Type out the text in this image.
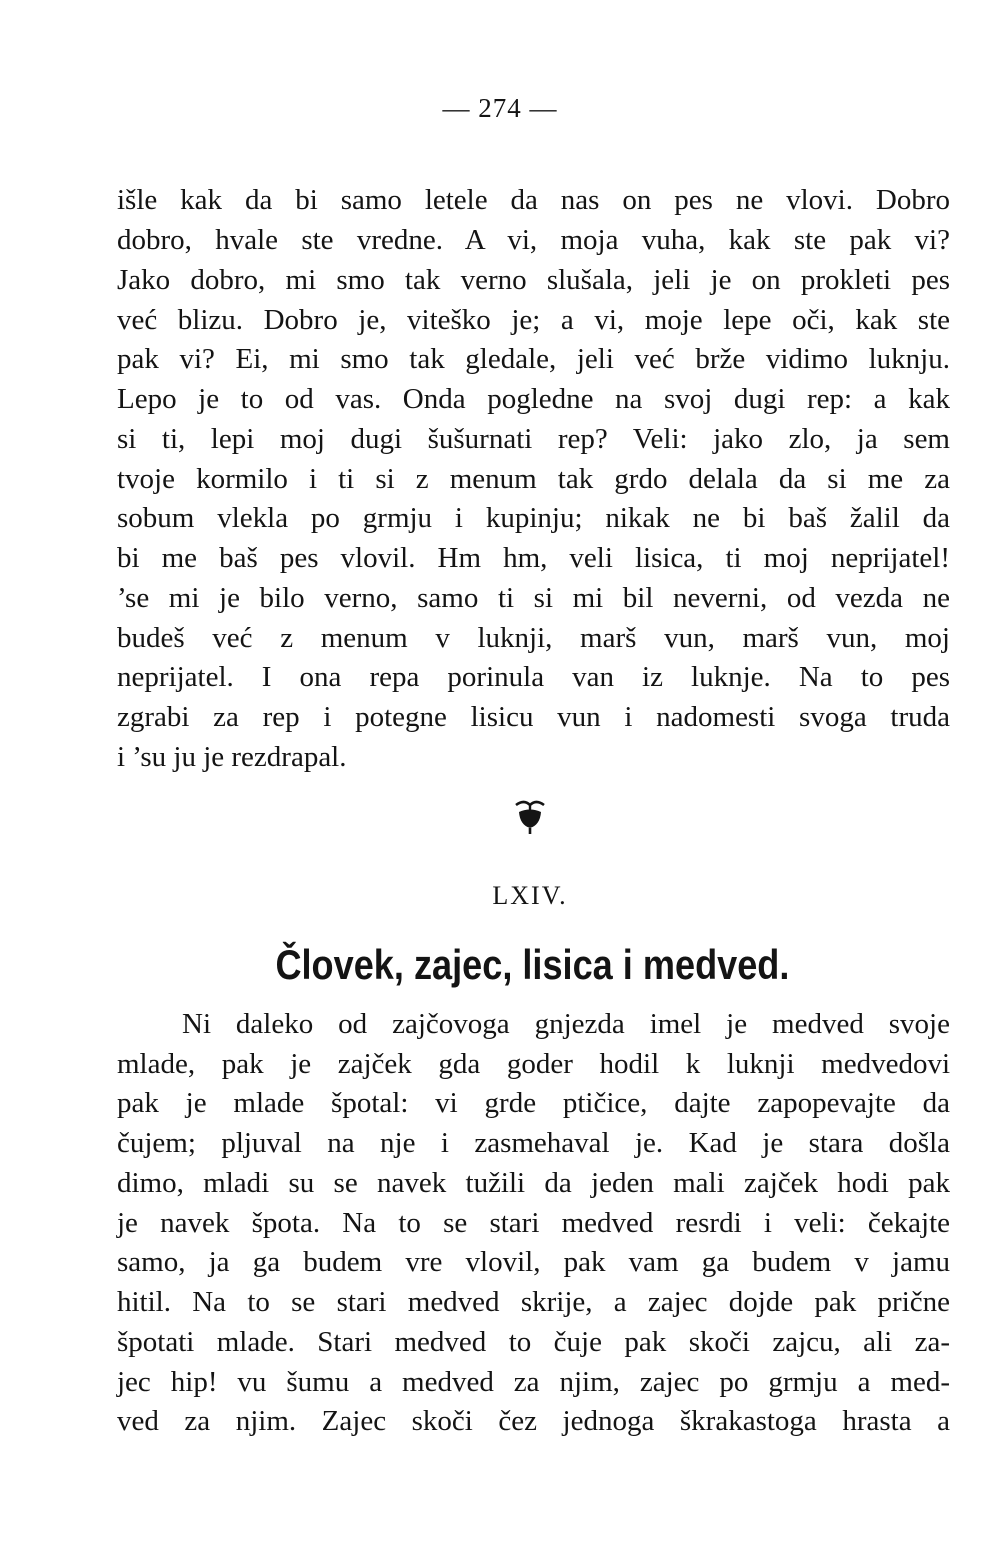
— 274 —
išle kak da bi samo letele da nas on pes ne vlovi. Dobro
dobro, hvale ste vredne. A vi, moja vuha, kak ste pak vi?
Jako dobro, mi smo tak verno slušala, jeli je on prokleti pes
već blizu. Dobro je, viteško je; a vi, moje lepe oči, kak ste
pak vi? Ei, mi smo tak gledale, jeli već brže vidimo luknju.
Lepo je to od vas. Onda pogledne na svoj dugi rep: a kak
si ti, lepi moj dugi šušurnati rep? Veli: jako zlo, ja sem
tvoje kormilo i ti si z menum tak grdo delala da si me za
sobum vlekla po grmju i kupinju; nikak ne bi baš žalil da
bi me baš pes vlovil. Hm hm, veli lisica, ti moj neprijatel!
’se mi je bilo verno, samo ti si mi bil neverni, od vezda ne
budeš već z menum v luknji, marš vun, marš vun, moj
neprijatel. I ona repa porinula van iz luknje. Na to pes
zgrabi za rep i potegne lisicu vun i nadomesti svoga truda
i ’su ju je rezdrapal.
LXIV.
Človek, zajec, lisica i medved.
Ni daleko od zajčovoga gnjezda imel je medved svoje
mlade, pak je zajček gda goder hodil k luknji medvedovi
pak je mlade špotal: vi grde ptičice, dajte zapopevajte da
čujem; pljuval na nje i zasmehaval je. Kad je stara došla
dimo, mladi su se navek tužili da jeden mali zajček hodi pak
je navek špota. Na to se stari medved resrdi i veli: čekajte
samo, ja ga budem vre vlovil, pak vam ga budem v jamu
hitil. Na to se stari medved skrije, a zajec dojde pak prične
špotati mlade. Stari medved to čuje pak skoči zajcu, ali za-
jec hip! vu šumu a medved za njim, zajec po grmju a med-
ved za njim. Zajec skoči čez jednoga škrakastoga hrasta a
